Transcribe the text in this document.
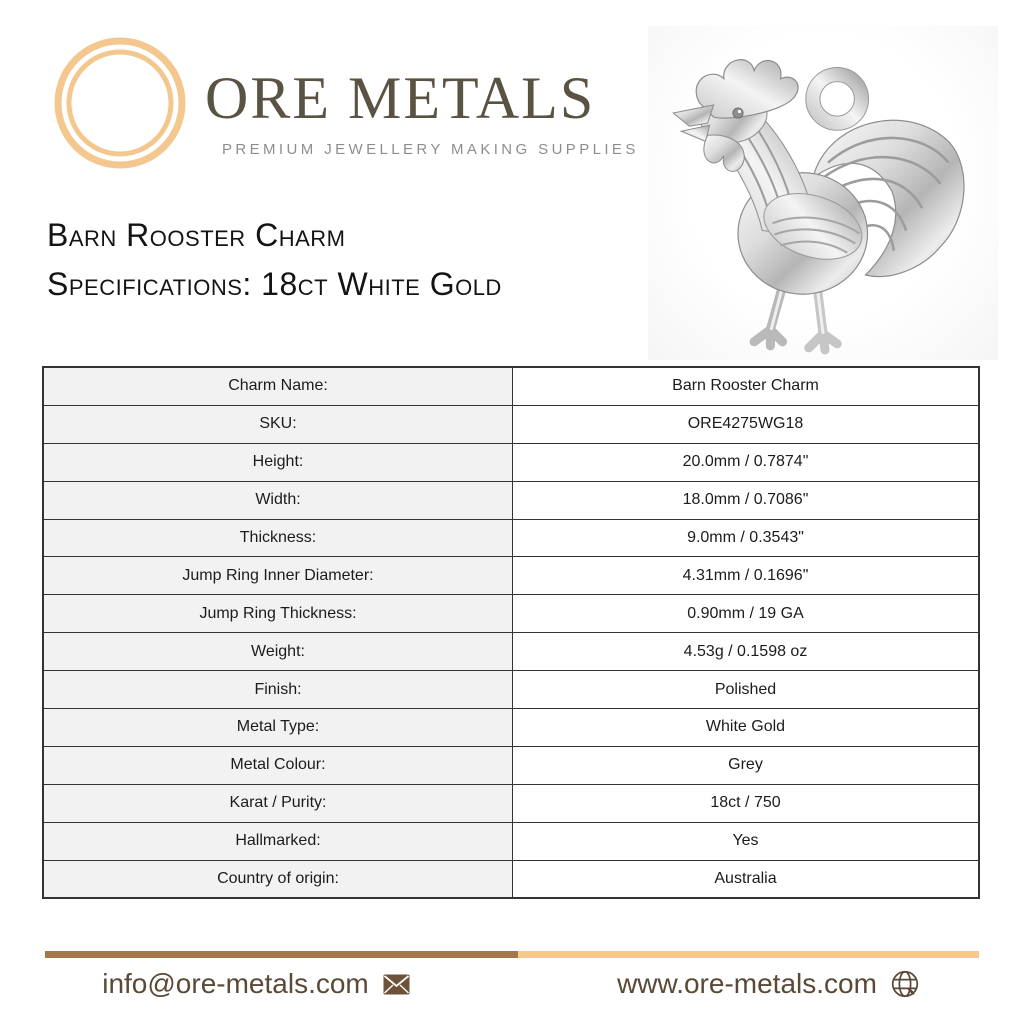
ORE METALS
PREMIUM JEWELLERY MAKING SUPPLIES
Barn Rooster Charm
Specifications: 18ct White Gold
Charm Name:	Barn Rooster Charm
SKU:	ORE4275WG18
Height:	20.0mm / 0.7874"
Width:	18.0mm / 0.7086"
Thickness:	9.0mm / 0.3543"
Jump Ring Inner Diameter:	4.31mm / 0.1696"
Jump Ring Thickness:	0.90mm / 19 GA
Weight:	4.53g / 0.1598 oz
Finish:	Polished
Metal Type:	White Gold
Metal Colour:	Grey
Karat / Purity:	18ct / 750
Hallmarked:	Yes
Country of origin:	Australia
info@ore-metals.com	www.ore-metals.com
